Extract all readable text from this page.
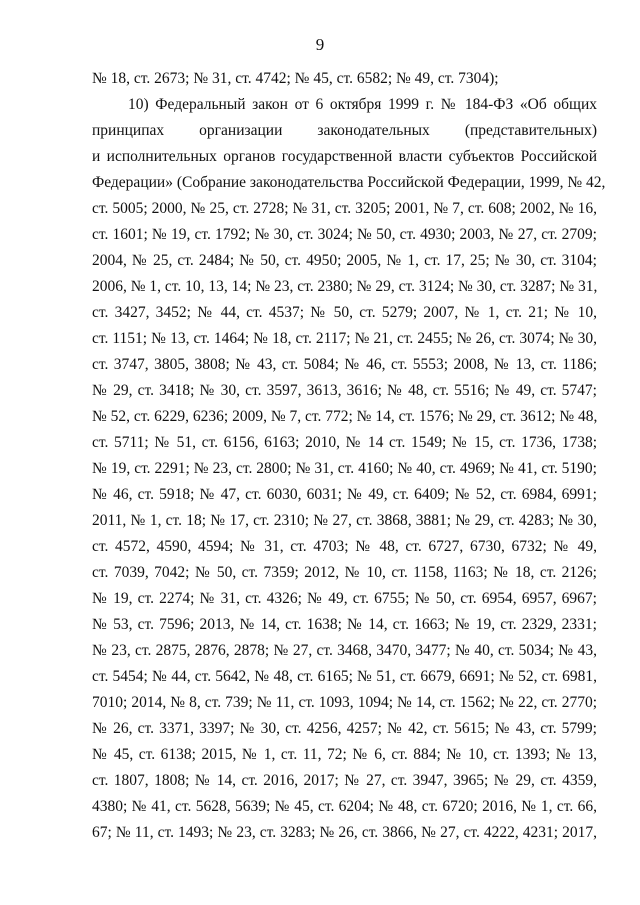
9
№ 18, ст. 2673; № 31, ст. 4742; № 45, ст. 6582; № 49, ст. 7304);
10) Федеральный закон от 6 октября 1999 г. № 184-ФЗ «Об общих
принципах организации законодательных (представительных)
и исполнительных органов государственной власти субъектов Российской
Федерации» (Собрание законодательства Российской Федерации, 1999, № 42,
ст. 5005; 2000, № 25, ст. 2728; № 31, ст. 3205; 2001, № 7, ст. 608; 2002, № 16,
ст. 1601; № 19, ст. 1792; № 30, ст. 3024; № 50, ст. 4930; 2003, № 27, ст. 2709;
2004, № 25, ст. 2484; № 50, ст. 4950; 2005, № 1, ст. 17, 25; № 30, ст. 3104;
2006, № 1, ст. 10, 13, 14; № 23, ст. 2380; № 29, ст. 3124; № 30, ст. 3287; № 31,
ст. 3427, 3452; № 44, ст. 4537; № 50, ст. 5279; 2007, № 1, ст. 21; № 10,
ст. 1151; № 13, ст. 1464; № 18, ст. 2117; № 21, ст. 2455; № 26, ст. 3074; № 30,
ст. 3747, 3805, 3808; № 43, ст. 5084; № 46, ст. 5553; 2008, № 13, ст. 1186;
№ 29, ст. 3418; № 30, ст. 3597, 3613, 3616; № 48, ст. 5516; № 49, ст. 5747;
№ 52, ст. 6229, 6236; 2009, № 7, ст. 772; № 14, ст. 1576; № 29, ст. 3612; № 48,
ст. 5711; № 51, ст. 6156, 6163; 2010, № 14 ст. 1549; № 15, ст. 1736, 1738;
№ 19, ст. 2291; № 23, ст. 2800; № 31, ст. 4160; № 40, ст. 4969; № 41, ст. 5190;
№ 46, ст. 5918; № 47, ст. 6030, 6031; № 49, ст. 6409; № 52, ст. 6984, 6991;
2011, № 1, ст. 18; № 17, ст. 2310; № 27, ст. 3868, 3881; № 29, ст. 4283; № 30,
ст. 4572, 4590, 4594; № 31, ст. 4703; № 48, ст. 6727, 6730, 6732; № 49,
ст. 7039, 7042; № 50, ст. 7359; 2012, № 10, ст. 1158, 1163; № 18, ст. 2126;
№ 19, ст. 2274; № 31, ст. 4326; № 49, ст. 6755; № 50, ст. 6954, 6957, 6967;
№ 53, ст. 7596; 2013, № 14, ст. 1638; № 14, ст. 1663; № 19, ст. 2329, 2331;
№ 23, ст. 2875, 2876, 2878; № 27, ст. 3468, 3470, 3477; № 40, ст. 5034; № 43,
ст. 5454; № 44, ст. 5642, № 48, ст. 6165; № 51, ст. 6679, 6691; № 52, ст. 6981,
7010; 2014, № 8, ст. 739; № 11, ст. 1093, 1094; № 14, ст. 1562; № 22, ст. 2770;
№ 26, ст. 3371, 3397; № 30, ст. 4256, 4257; № 42, ст. 5615; № 43, ст. 5799;
№ 45, ст. 6138; 2015, № 1, ст. 11, 72; № 6, ст. 884; № 10, ст. 1393; № 13,
ст. 1807, 1808; № 14, ст. 2016, 2017; № 27, ст. 3947, 3965; № 29, ст. 4359,
4380; № 41, ст. 5628, 5639; № 45, ст. 6204; № 48, ст. 6720; 2016, № 1, ст. 66,
67; № 11, ст. 1493; № 23, ст. 3283; № 26, ст. 3866, № 27, ст. 4222, 4231; 2017,
